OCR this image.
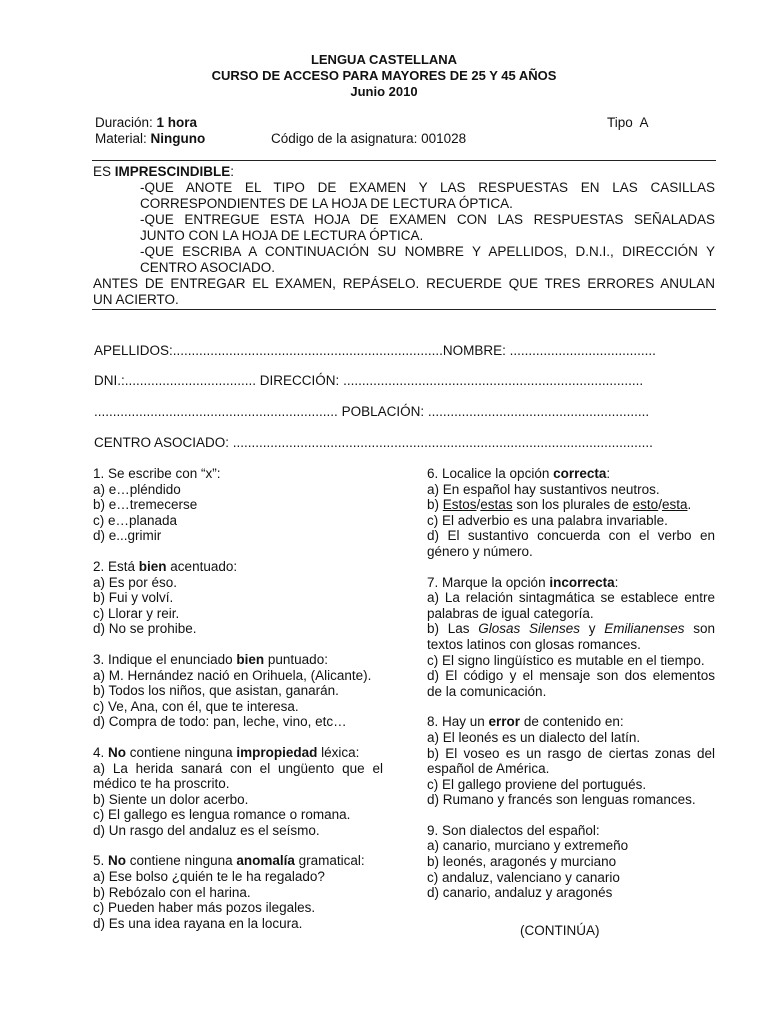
LENGUA CASTELLANA
CURSO DE ACCESO PARA MAYORES DE 25 Y 45 AÑOS
Junio 2010
Duración: 1 hora	Tipo A
Material: Ninguno	Código de la asignatura: 001028
ES IMPRESCINDIBLE:
-QUE ANOTE EL TIPO DE EXAMEN Y LAS RESPUESTAS EN LAS CASILLAS
CORRESPONDIENTES DE LA HOJA DE LECTURA ÓPTICA.
-QUE ENTREGUE ESTA HOJA DE EXAMEN CON LAS RESPUESTAS SEÑALADAS
JUNTO CON LA HOJA DE LECTURA ÓPTICA.
-QUE ESCRIBA A CONTINUACIÓN SU NOMBRE Y APELLIDOS, D.N.I., DIRECCIÓN Y
CENTRO ASOCIADO.
ANTES DE ENTREGAR EL EXAMEN, REPÁSELO. RECUERDE QUE TRES ERRORES ANULAN
UN ACIERTO.
APELLIDOS:........................................................................NOMBRE: .......................................
DNI.:................................... DIRECCIÓN: ................................................................................
................................................................. POBLACIÓN: ...........................................................
CENTRO ASOCIADO: ................................................................................................................
1. Se escribe con “x”:
a) e…pléndido
b) e…tremecerse
c) e…planada
d) e...grimir
2. Está bien acentuado:
a) Es por éso.
b) Fui y volví.
c) Llorar y reir.
d) No se prohibe.
3. Indique el enunciado bien puntuado:
a) M. Hernández nació en Orihuela, (Alicante).
b) Todos los niños, que asistan, ganarán.
c) Ve, Ana, con él, que te interesa.
d) Compra de todo: pan, leche, vino, etc…
4. No contiene ninguna impropiedad léxica:
a) La herida sanará con el ungüento que el
médico te ha proscrito.
b) Siente un dolor acerbo.
c) El gallego es lengua romance o romana.
d) Un rasgo del andaluz es el seísmo.
5. No contiene ninguna anomalía gramatical:
a) Ese bolso ¿quién te le ha regalado?
b) Rebózalo con el harina.
c) Pueden haber más pozos ilegales.
d) Es una idea rayana en la locura.
6. Localice la opción correcta:
a) En español hay sustantivos neutros.
b) Estos/estas son los plurales de esto/esta.
c) El adverbio es una palabra invariable.
d) El sustantivo concuerda con el verbo en
género y número.
7. Marque la opción incorrecta:
a) La relación sintagmática se establece entre
palabras de igual categoría.
b) Las Glosas Silenses y Emilianenses son
textos latinos con glosas romances.
c) El signo lingüístico es mutable en el tiempo.
d) El código y el mensaje son dos elementos
de la comunicación.
8. Hay un error de contenido en:
a) El leonés es un dialecto del latín.
b) El voseo es un rasgo de ciertas zonas del
español de América.
c) El gallego proviene del portugués.
d) Rumano y francés son lenguas romances.
9. Son dialectos del español:
a) canario, murciano y extremeño
b) leonés, aragonés y murciano
c) andaluz, valenciano y canario
d) canario, andaluz y aragonés
(CONTINÚA)
